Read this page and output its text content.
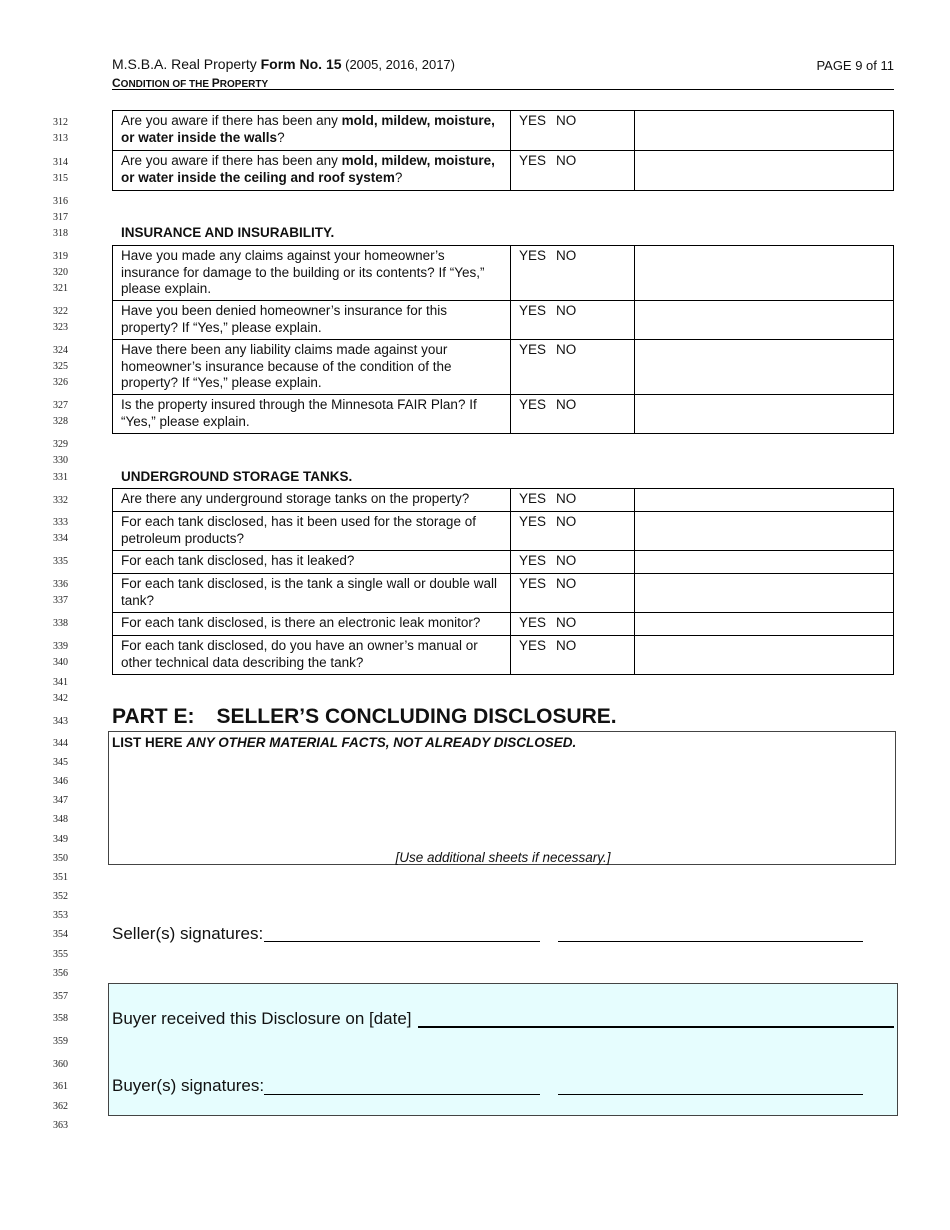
312
313
314
315
316
317
318
319
320
321
322
323
324
325
326
327
328
329
330
331
332
333
334
335
336
337
338
339
340
341
342
343
344
345
346
347
348
349
350
351
352
353
354
355
356
357
358
359
360
361
362
363
M.S.B.A. Real Property Form No. 15 (2005, 2016, 2017)	PAGE 9 of 11
CONDITION OF THE PROPERTY
Are you aware if there has been any mold, mildew, moisture, or water inside the walls?	YES NO	
Are you aware if there has been any mold, mildew, moisture, or water inside the ceiling and roof system?	YES NO	
INSURANCE AND INSURABILITY.
Have you made any claims against your homeowner’s insurance for damage to the building or its contents? If “Yes,” please explain.	YES NO	
Have you been denied homeowner’s insurance for this property? If “Yes,” please explain.	YES NO	
Have there been any liability claims made against your homeowner’s insurance because of the condition of the property? If “Yes,” please explain.	YES NO	
Is the property insured through the Minnesota FAIR Plan? If “Yes,” please explain.	YES NO	
UNDERGROUND STORAGE TANKS.
Are there any underground storage tanks on the property?	YES NO	
For each tank disclosed, has it been used for the storage of petroleum products?	YES NO	
For each tank disclosed, has it leaked?	YES NO	
For each tank disclosed, is the tank a single wall or double wall tank?	YES NO	
For each tank disclosed, is there an electronic leak monitor?	YES NO	
For each tank disclosed, do you have an owner’s manual or other technical data describing the tank?	YES NO	
PART E: SELLER’S CONCLUDING DISCLOSURE.
LIST HERE ANY OTHER MATERIAL FACTS, NOT ALREADY DISCLOSED.
[Use additional sheets if necessary.]
Seller(s) signatures:
Buyer received this Disclosure on [date]
Buyer(s) signatures:
